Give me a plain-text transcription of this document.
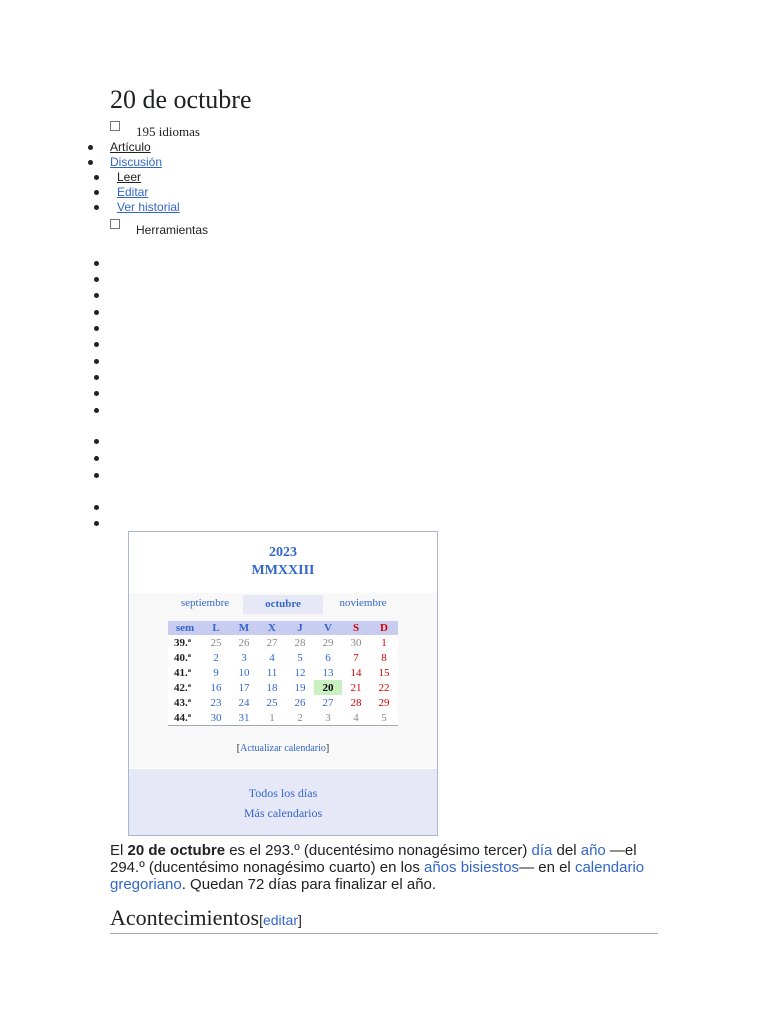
20 de octubre
195 idiomas
Artículo
Discusión
Leer
Editar
Ver historial
Herramientas
2023
MMXXIII
septiembre	octubre	noviembre
sem	L	M	X	J	V	S	D
39.ª	25	26	27	28	29	30	1
40.ª	2	3	4	5	6	7	8
41.ª	9	10	11	12	13	14	15
42.ª	16	17	18	19	20	21	22
43.ª	23	24	25	26	27	28	29
44.ª	30	31	1	2	3	4	5
[Actualizar calendario]
Todos los días
Más calendarios

El 20 de octubre es el 293.º (ducentésimo nonagésimo tercer) día del año —el 294.º (ducentésimo nonagésimo cuarto) en los años bisiestos— en el calendario gregoriano. Quedan 72 días para finalizar el año.

Acontecimientos[editar]
